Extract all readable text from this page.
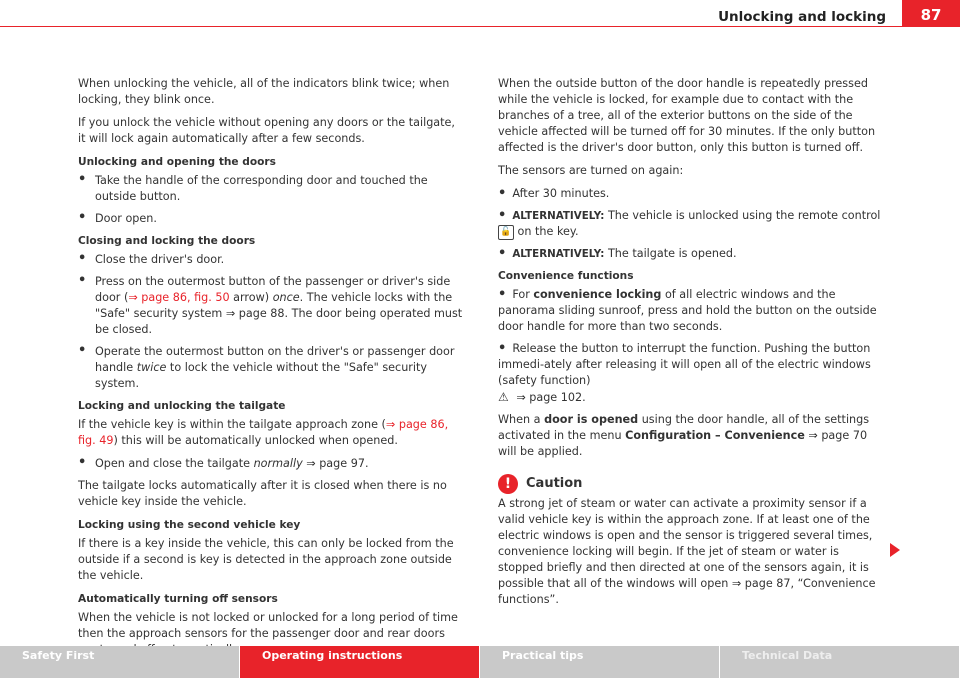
Unlocking and locking	87

When unlocking the vehicle, all of the indicators blink twice; when locking, they blink once.

If you unlock the vehicle without opening any doors or the tailgate, it will lock again automatically after a few seconds.

Unlocking and opening the doors
• Take the handle of the corresponding door and touched the outside button.
• Door open.
Closing and locking the doors
• Close the driver's door.
• Press on the outermost button of the passenger or driver's side door (⇒ page 86, fig. 50 arrow) once. The vehicle locks with the "Safe" security system ⇒ page 88. The door being operated must be closed.
• Operate the outermost button on the driver's or passenger door handle twice to lock the vehicle without the "Safe" security system.
Locking and unlocking the tailgate

If the vehicle key is within the tailgate approach zone (⇒ page 86, fig. 49) this will be automatically unlocked when opened.

• Open and close the tailgate normally ⇒ page 97.

The tailgate locks automatically after it is closed when there is no vehicle key inside the vehicle.

Locking using the second vehicle key

If there is a key inside the vehicle, this can only be locked from the outside if a second is key is detected in the approach zone outside the vehicle.

Automatically turning off sensors

When the vehicle is not locked or unlocked for a long period of time then the approach sensors for the passenger door and rear doors

When the outside button of the door handle is repeatedly pressed while the vehicle is locked, for example due to contact with the branches of a tree, all of the exterior buttons on the side of the vehicle affected will be turned off for 30 minutes. If the only button affected is the driver's door button, only this button is turned off.

The sensors are turned on again:

• After 30 minutes.
• ALTERNATIVELY: The vehicle is unlocked using the remote control 🔓 on the key.
• ALTERNATIVELY: The tailgate is opened.
Convenience functions
• For convenience locking of all electric windows and the panorama sliding sunroof, press and hold the button on the outside door handle for more than two seconds.
• Release the button to interrupt the function. Pushing the button immedi-ately after releasing it will open all of the electric windows (safety function)
⚠ ⇒ page 102.

When a door is opened using the door handle, all of the settings activated in the menu Configuration – Convenience ⇒ page 70 will be applied.

!	Caution

A strong jet of steam or water can activate a proximity sensor if a valid vehicle key is within the approach zone. If at least one of the electric windows is open and the sensor is triggered several times, convenience locking will begin. If the jet of steam or water is stopped briefly and then directed at one of the sensors again, it is possible that all of the windows will open ⇒ page 87, “Convenience functions”.

Safety First	Operating instructions	Practical tips	Technical Data
